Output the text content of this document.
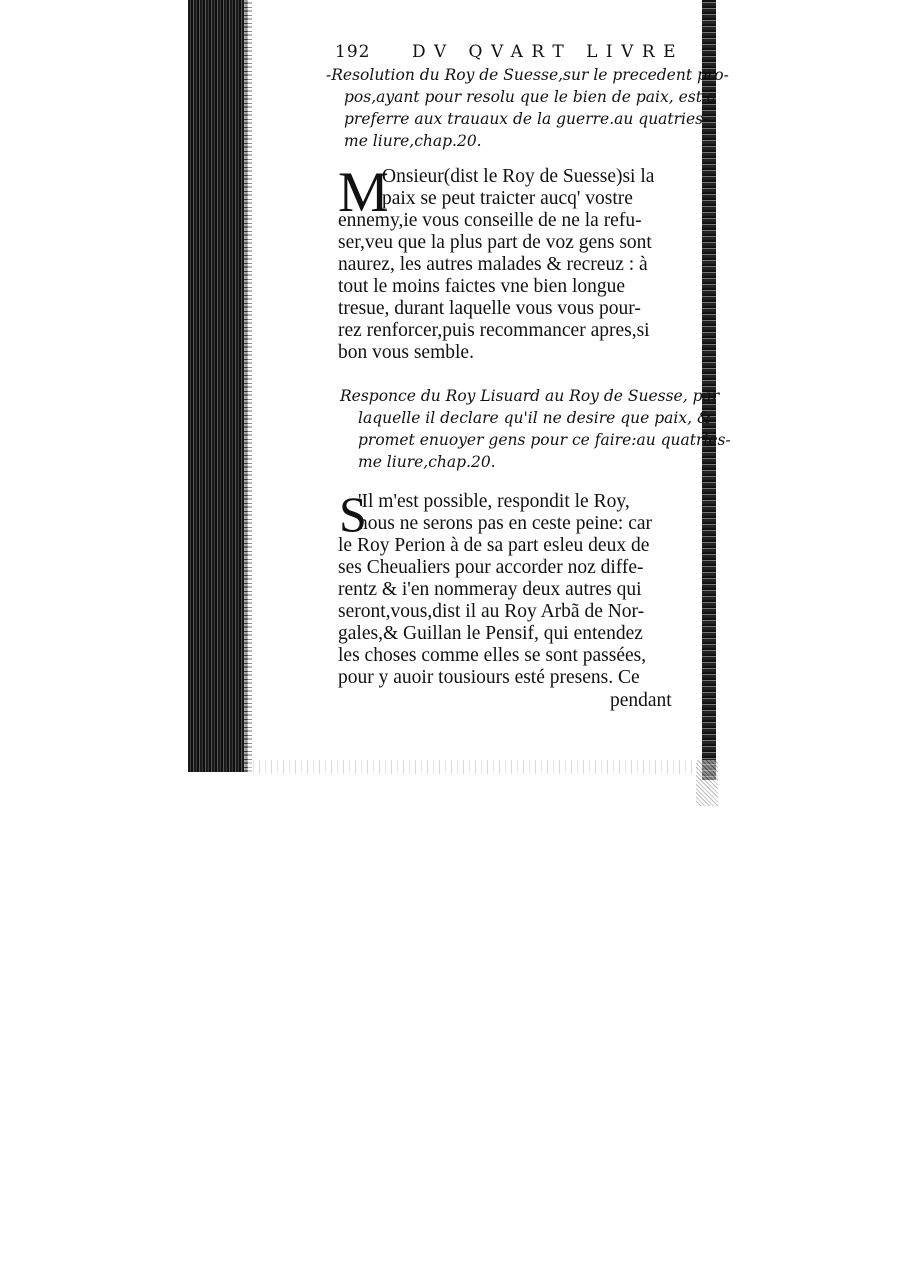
192 DV QVART LIVRE
-Resolution du Roy de Suesse,sur le precedent pro-
pos,ayant pour resolu que le bien de paix, est à
preferre aux trauaux de la guerre.au quatries-
me liure,chap.20.
M
Onsieur(dist le Roy de Suesse)si la
paix se peut traicter aucq' vostre
ennemy,ie vous conseille de ne la refu-
ser,veu que la plus part de voz gens sont
naurez, les autres malades & recreuz : à
tout le moins faictes vne bien longue
tresue, durant laquelle vous vous pour-
rez renforcer,puis recommancer apres,si
bon vous semble.
Responce du Roy Lisuard au Roy de Suesse, par
laquelle il declare qu'il ne desire que paix, &
promet enuoyer gens pour ce faire:au quatries-
me liure,chap.20.
S
'Il m'est possible, respondit le Roy,
nous ne serons pas en ceste peine: car
le Roy Perion à de sa part esleu deux de
ses Cheualiers pour accorder noz diffe-
rentz & i'en nommeray deux autres qui
seront,vous,dist il au Roy Arbã de Nor-
gales,& Guillan le Pensif, qui entendez
les choses comme elles se sont passées,
pour y auoir tousiours esté presens. Ce
pendant
